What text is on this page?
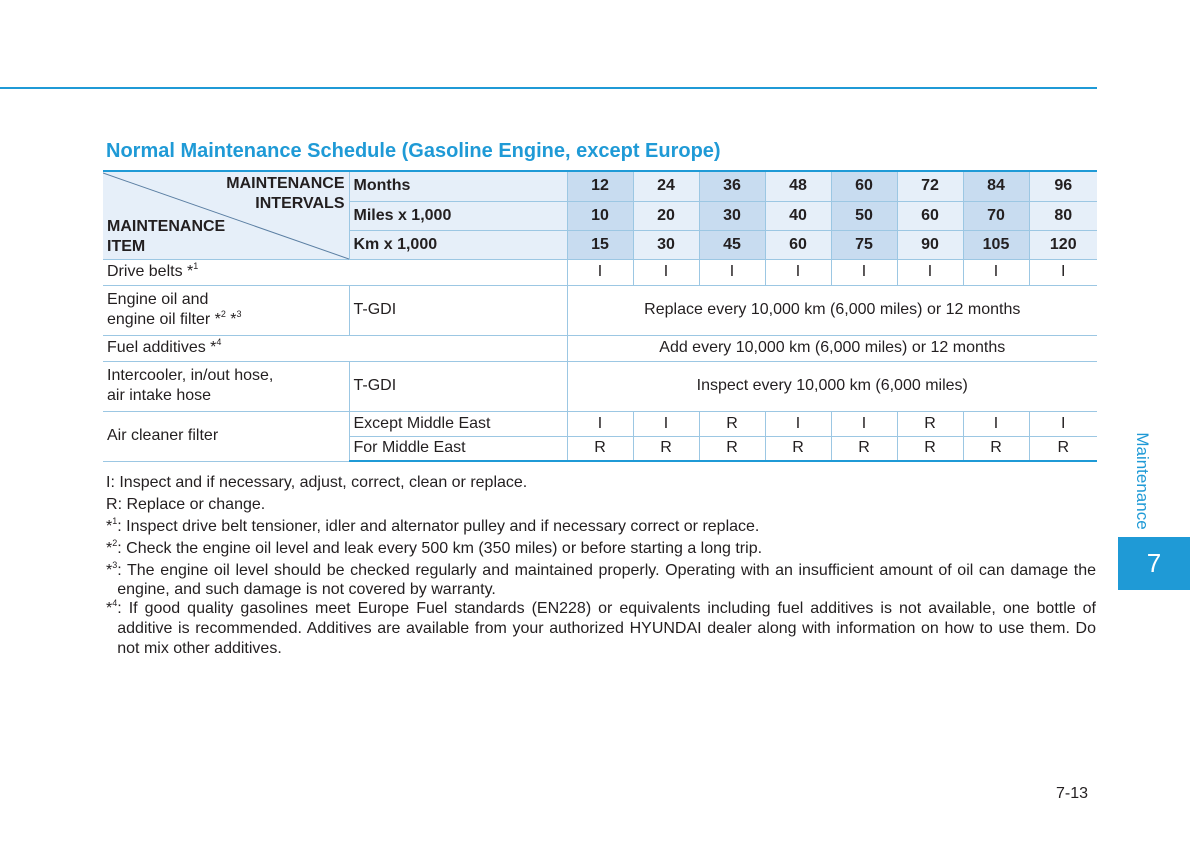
Normal Maintenance Schedule (Gasoline Engine, except Europe)
MAINTENANCE
INTERVALS
MAINTENANCE
ITEM	Months	12	24	36	48	60	72	84	96
	Miles x 1,000	10	20	30	40	50	60	70	80
	Km x 1,000	15	30	45	60	75	90	105	120
Drive belts *$^1$		I	I	I	I	I	I	I	I

Engine oil and
engine oil filter *$^2$ *$^3$	T-GDI	Replace every 10,000 km (6,000 miles) or 12 months							
Fuel additives *$^4$		Add every 10,000 km (6,000 miles) or 12 months							

Intercooler, in/out hose,
air intake hose	T-GDI	Inspect every 10,000 km (6,000 miles)							
Air cleaner filter	Except Middle East	I	I	R	I	I	R	I	I
	For Middle East	R	R	R	R	R	R	R	R
I : Inspect and if necessary, adjust, correct, clean or replace.
R : Replace or change.
*$^1$ : Inspect drive belt tensioner, idler and alternator pulley and if necessary correct or replace.
*$^2$ : Check the engine oil level and leak every 500 km (350 miles) or before starting a long trip.
*$^3$ : The engine oil level should be checked regularly and maintained properly. Operating with an insufficient amount of oil can damage the engine, and such damage is not covered by warranty.
*$^4$ : If good quality gasolines meet Europe Fuel standards (EN228) or equivalents including fuel additives is not available, one bottle of additive is recommended. Additives are available from your authorized HYUNDAI dealer along with information on how to use them. Do not mix other additives.
Maintenance
7
7-13
